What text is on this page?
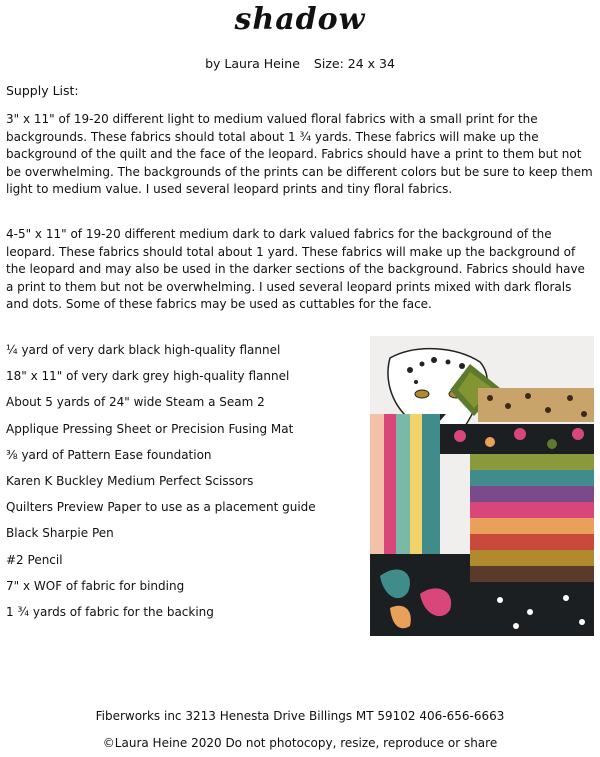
shadow
by Laura Heine Size: 24 x 34
Supply List:

3" x 11" of 19-20 different light to medium valued floral fabrics with a small print for the backgrounds. These fabrics should total about 1 ¾ yards. These fabrics will make up the background of the quilt and the face of the leopard. Fabrics should have a print to them but not be overwhelming. The backgrounds of the prints can be different colors but be sure to keep them light to medium value. I used several leopard prints and tiny floral fabrics.

4-5" x 11" of 19-20 different medium dark to dark valued fabrics for the background of the leopard. These fabrics should total about 1 yard. These fabrics will make up the background of the leopard and may also be used in the darker sections of the background. Fabrics should have a print to them but not be overwhelming. I used several leopard prints mixed with dark florals and dots. Some of these fabrics may be used as cuttables for the face.

¼ yard of very dark black high-quality flannel
18" x 11" of very dark grey high-quality flannel
About 5 yards of 24" wide Steam a Seam 2
Applique Pressing Sheet or Precision Fusing Mat
⅜ yard of Pattern Ease foundation
Karen K Buckley Medium Perfect Scissors
Quilters Preview Paper to use as a placement guide
Black Sharpie Pen
#2 Pencil
7" x WOF of fabric for binding
1 ¾ yards of fabric for the backing
Fiberworks inc 3213 Henesta Drive Billings MT 59102 406-656-6663
©Laura Heine 2020 Do not photocopy, resize, reproduce or share
